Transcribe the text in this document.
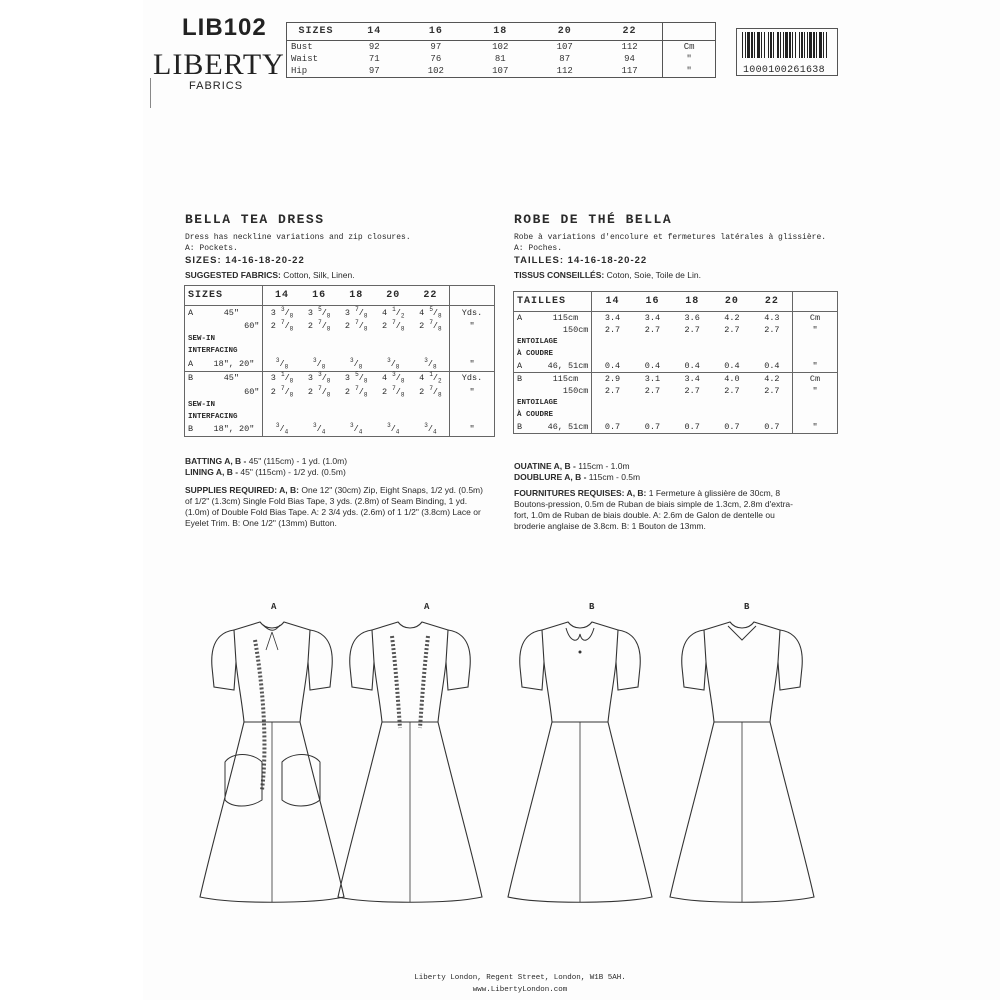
LIB102
LIBERTY
FABRICS
SIZES	14	16	18	20	22	
Bust	92	97	102	107	112	Cm
Waist	71	76	81	87	94	"
Hip	97	102	107	112	117	"	1000100261638
BELLA TEA DRESS
Dress has neckline variations and zip closures.
A: Pockets.
SIZES: 14-16-18-20-22
SUGGESTED FABRICS: Cotton, Silk, Linen.
SIZES	14	16	18	20	22	
A      45"	3 $^3/_8$	3 $^5/_8$	3 $^7/_8$	4 $^1/_2$	4 $^5/_8$	Yds.
60"	2 $^7/_8$	2 $^7/_8$	2 $^7/_8$	2 $^7/_8$	2 $^7/_8$	"
SEW-IN						
INTERFACING						
A    18", 20"	$^3/_8$	$^3/_8$	$^3/_8$	$^3/_8$	$^3/_8$	"
B      45"	3 $^1/_8$	3 $^3/_8$	3 $^5/_8$	4 $^3/_8$	4 $^1/_2$	Yds.
60"	2 $^7/_8$	2 $^7/_8$	2 $^7/_8$	2 $^7/_8$	2 $^7/_8$	"
SEW-IN						
INTERFACING						
B    18", 20"	$^3/_4$	$^3/_4$	$^3/_4$	$^3/_4$	$^3/_4$	"
BATTING A, B - 45" (115cm) - 1 yd. (1.0m)
LINING A, B - 45" (115cm) - 1/2 yd. (0.5m)
SUPPLIES REQUIRED: A, B: One 12" (30cm) Zip, Eight Snaps, 1/2 yd. (0.5m)
of 1/2" (1.3cm) Single Fold Bias Tape, 3 yds. (2.8m) of Seam Binding, 1 yd.
(1.0m) of Double Fold Bias Tape. A: 2 3/4 yds. (2.6m) of 1 1/2" (3.8cm) Lace or
Eyelet Trim. B: One 1/2" (13mm) Button.
ROBE DE THÉ BELLA
Robe à variations d'encolure et fermetures latérales à glissière.
A: Poches.
TAILLES: 14-16-18-20-22
TISSUS CONSEILLÉS: Coton, Soie, Toile de Lin.
TAILLES	14	16	18	20	22	
A      115cm	3.4	3.4	3.6	4.2	4.3	Cm
150cm	2.7	2.7	2.7	2.7	2.7	"
ENTOILAGE						
À COUDRE						
A     46, 51cm	0.4	0.4	0.4	0.4	0.4	"
B      115cm	2.9	3.1	3.4	4.0	4.2	Cm
150cm	2.7	2.7	2.7	2.7	2.7	"
ENTOILAGE						
À COUDRE						
B     46, 51cm	0.7	0.7	0.7	0.7	0.7	"
OUATINE A, B - 115cm - 1.0m
DOUBLURE A, B - 115cm - 0.5m
FOURNITURES REQUISES: A, B: 1 Fermeture à glissière de 30cm, 8
Boutons-pression, 0.5m de Ruban de biais simple de 1.3cm, 2.8m d'extra-
fort, 1.0m de Ruban de biais double. A: 2.6m de Galon de dentelle ou
broderie anglaise de 3.8cm. B: 1 Bouton de 13mm.
A	A	B	B
Liberty London, Regent Street, London, W1B 5AH.
www.LibertyLondon.com
